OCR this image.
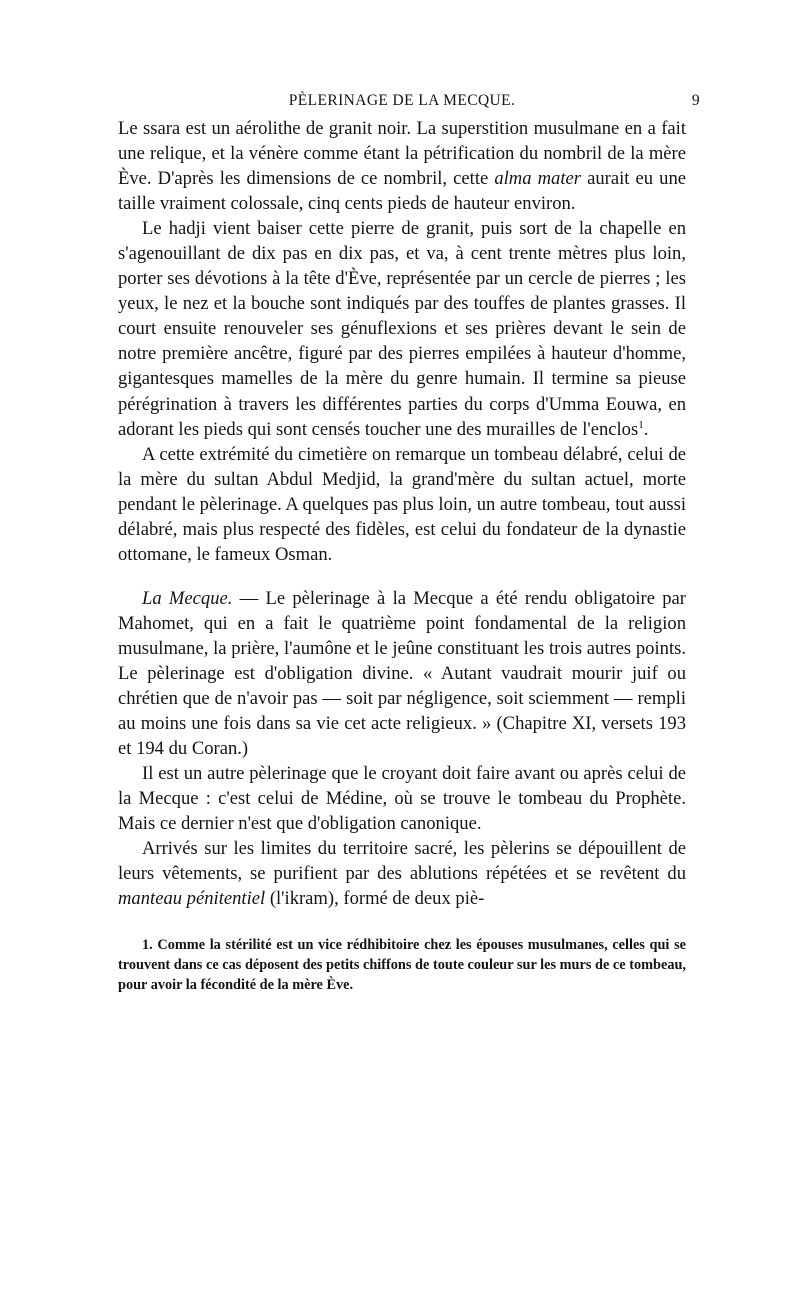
PÈLERINAGE DE LA MECQUE.	9

Le ssara est un aérolithe de granit noir. La superstition musulmane en a fait une relique, et la vénère comme étant la pétrification du nombril de la mère Ève. D'après les dimensions de ce nombril, cette alma mater aurait eu une taille vraiment colossale, cinq cents pieds de hauteur environ.

Le hadji vient baiser cette pierre de granit, puis sort de la chapelle en s'agenouillant de dix pas en dix pas, et va, à cent trente mètres plus loin, porter ses dévotions à la tête d'Ève, représentée par un cercle de pierres ; les yeux, le nez et la bouche sont indiqués par des touffes de plantes grasses. Il court ensuite renouveler ses génuflexions et ses prières devant le sein de notre première ancêtre, figuré par des pierres empilées à hauteur d'homme, gigantesques mamelles de la mère du genre humain. Il termine sa pieuse pérégrination à travers les différentes parties du corps d'Umma Eouwa, en adorant les pieds qui sont censés toucher une des murailles de l'enclos$^1$.

A cette extrémité du cimetière on remarque un tombeau délabré, celui de la mère du sultan Abdul Medjid, la grand'mère du sultan actuel, morte pendant le pèlerinage. A quelques pas plus loin, un autre tombeau, tout aussi délabré, mais plus respecté des fidèles, est celui du fondateur de la dynastie ottomane, le fameux Osman.

La Mecque. — Le pèlerinage à la Mecque a été rendu obligatoire par Mahomet, qui en a fait le quatrième point fondamental de la religion musulmane, la prière, l'aumône et le jeûne constituant les trois autres points. Le pèlerinage est d'obligation divine. « Autant vaudrait mourir juif ou chrétien que de n'avoir pas — soit par négligence, soit sciemment — rempli au moins une fois dans sa vie cet acte religieux. » (Chapitre XI, versets 193 et 194 du Coran.)

Il est un autre pèlerinage que le croyant doit faire avant ou après celui de la Mecque : c'est celui de Médine, où se trouve le tombeau du Prophète. Mais ce dernier n'est que d'obligation canonique.

Arrivés sur les limites du territoire sacré, les pèlerins se dépouillent de leurs vêtements, se purifient par des ablutions répétées et se revêtent du manteau pénitentiel (l'ikram), formé de deux piè-

1. Comme la stérilité est un vice rédhibitoire chez les épouses musulmanes, celles qui se trouvent dans ce cas déposent des petits chiffons de toute couleur sur les murs de ce tombeau, pour avoir la fécondité de la mère Ève.
